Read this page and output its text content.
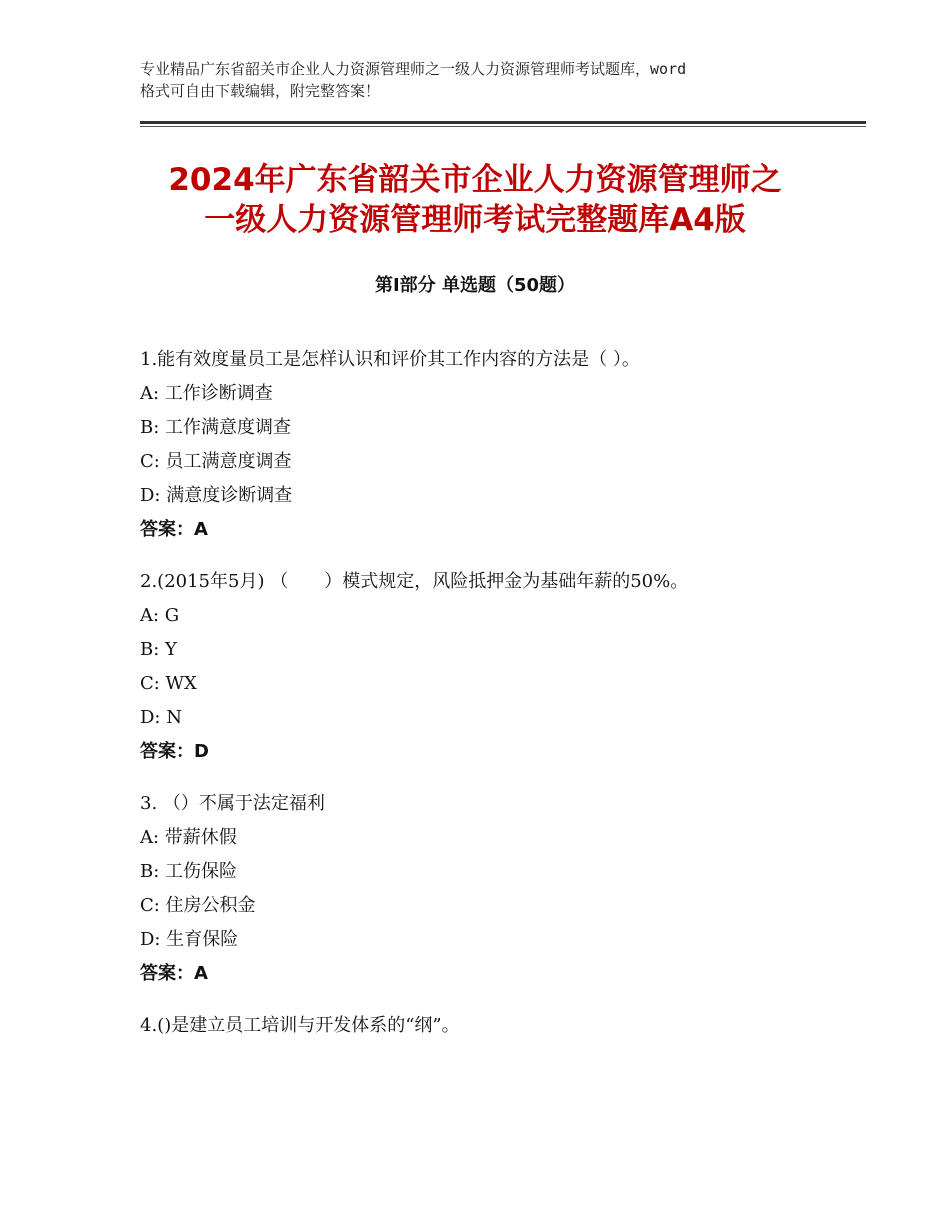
专业精品广东省韶关市企业人力资源管理师之一级人力资源管理师考试题库，word
格式可自由下载编辑，附完整答案！
2024年广东省韶关市企业人力资源管理师之
一级人力资源管理师考试完整题库A4版
第Ⅰ部分 单选题（50题）
1.能有效度量员工是怎样认识和评价其工作内容的方法是（ ）。
A: 工作诊断调查
B: 工作满意度调查
C: 员工满意度调查
D: 满意度诊断调查
答案：A
2.(2015年5月) （　　）模式规定，风险抵押金为基础年薪的50%。
A: G
B: Y
C: WX
D: N
答案：D
3. （）不属于法定福利
A: 带薪休假
B: 工伤保险
C: 住房公积金
D: 生育保险
答案：A
4.()是建立员工培训与开发体系的“纲”。
